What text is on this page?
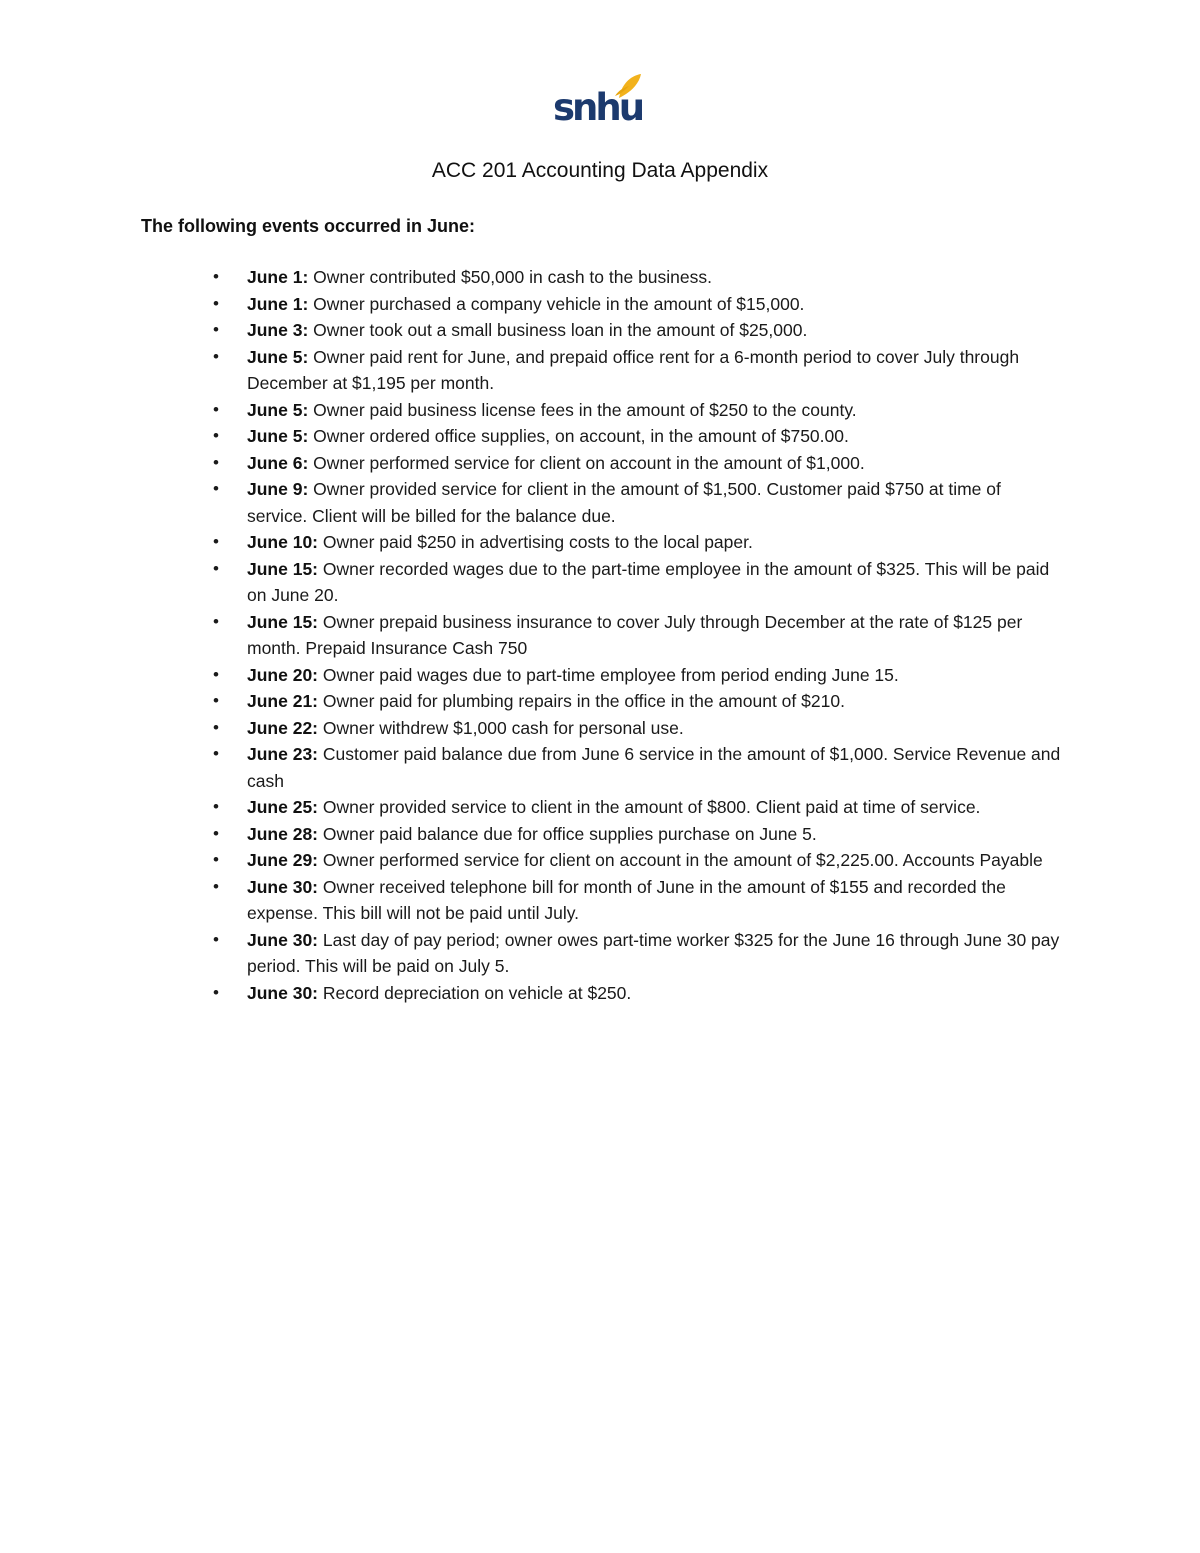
snhu
ACC 201 Accounting Data Appendix
The following events occurred in June:
• June 1: Owner contributed $50,000 in cash to the business.
• June 1: Owner purchased a company vehicle in the amount of $15,000.
• June 3: Owner took out a small business loan in the amount of $25,000.
• June 5: Owner paid rent for June, and prepaid office rent for a 6-month period to cover July through December at $1,195 per month.
• June 5: Owner paid business license fees in the amount of $250 to the county.
• June 5: Owner ordered office supplies, on account, in the amount of $750.00.
• June 6: Owner performed service for client on account in the amount of $1,000.
• June 9: Owner provided service for client in the amount of $1,500. Customer paid $750 at time of service. Client will be billed for the balance due.
• June 10: Owner paid $250 in advertising costs to the local paper.
• June 15: Owner recorded wages due to the part-time employee in the amount of $325. This will be paid on June 20.
• June 15: Owner prepaid business insurance to cover July through December at the rate of $125 per month. Prepaid Insurance Cash 750
• June 20: Owner paid wages due to part-time employee from period ending June 15.
• June 21: Owner paid for plumbing repairs in the office in the amount of $210.
• June 22: Owner withdrew $1,000 cash for personal use.
• June 23: Customer paid balance due from June 6 service in the amount of $1,000. Service Revenue and cash
• June 25: Owner provided service to client in the amount of $800. Client paid at time of service.
• June 28: Owner paid balance due for office supplies purchase on June 5.
• June 29: Owner performed service for client on account in the amount of $2,225.00. Accounts Payable
• June 30: Owner received telephone bill for month of June in the amount of $155 and recorded the expense. This bill will not be paid until July.
• June 30: Last day of pay period; owner owes part-time worker $325 for the June 16 through June 30 pay period. This will be paid on July 5.
• June 30: Record depreciation on vehicle at $250.
